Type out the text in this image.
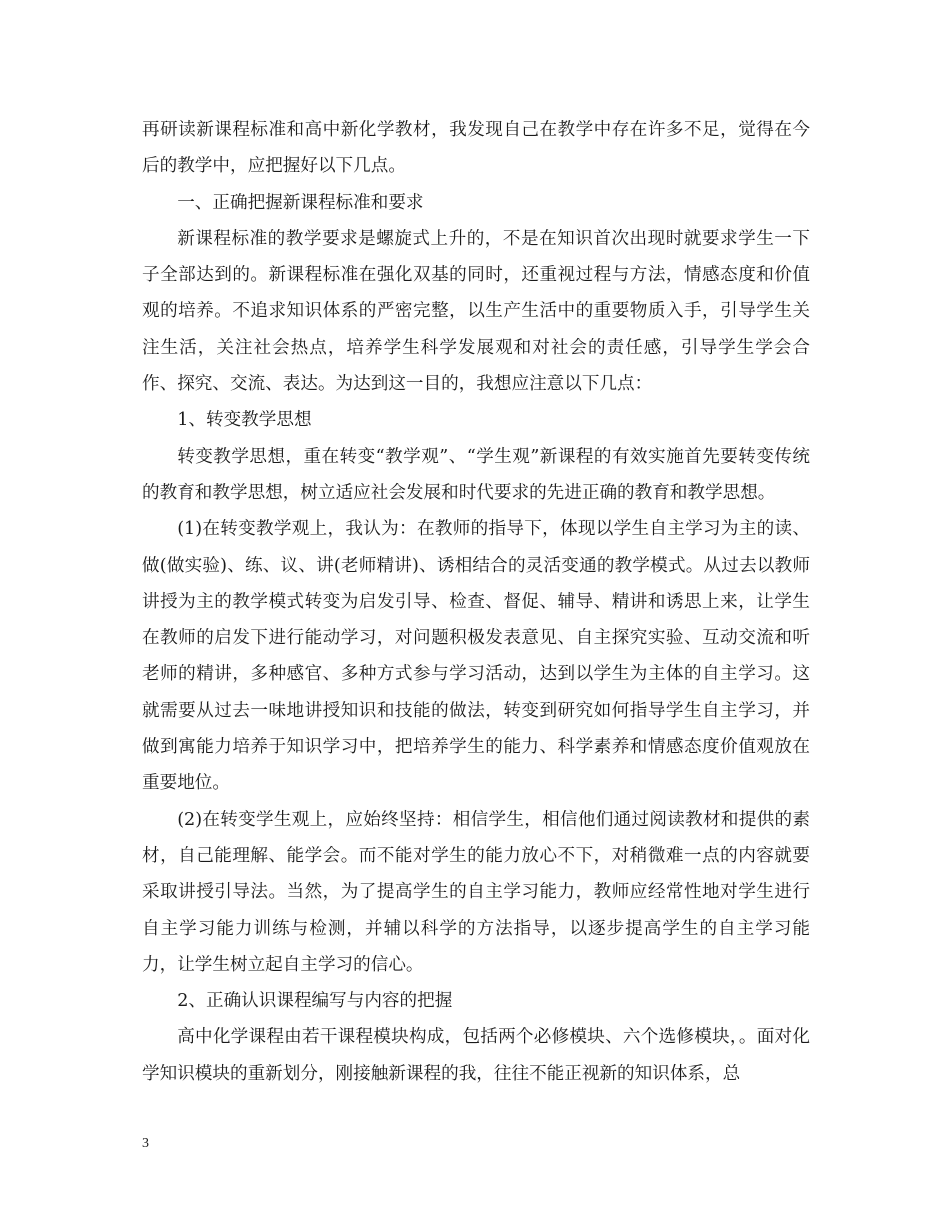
再研读新课程标准和高中新化学教材，我发现自己在教学中存在许多不足，觉得在今后的教学中，应把握好以下几点。

一、正确把握新课程标准和要求

新课程标准的教学要求是螺旋式上升的，不是在知识首次出现时就要求学生一下子全部达到的。新课程标准在强化双基的同时，还重视过程与方法，情感态度和价值观的培养。不追求知识体系的严密完整，以生产生活中的重要物质入手，引导学生关注生活，关注社会热点，培养学生科学发展观和对社会的责任感，引导学生学会合作、探究、交流、表达。为达到这一目的，我想应注意以下几点：

1、转变教学思想

转变教学思想，重在转变“教学观”、“学生观”新课程的有效实施首先要转变传统的教育和教学思想，树立适应社会发展和时代要求的先进正确的教育和教学思想。

(1)在转变教学观上，我认为：在教师的指导下，体现以学生自主学习为主的读、做(做实验)、练、议、讲(老师精讲)、诱相结合的灵活变通的教学模式。从过去以教师讲授为主的教学模式转变为启发引导、检查、督促、辅导、精讲和诱思上来，让学生在教师的启发下进行能动学习，对问题积极发表意见、自主探究实验、互动交流和听老师的精讲，多种感官、多种方式参与学习活动，达到以学生为主体的自主学习。这就需要从过去一味地讲授知识和技能的做法，转变到研究如何指导学生自主学习，并做到寓能力培养于知识学习中，把培养学生的能力、科学素养和情感态度价值观放在重要地位。

(2)在转变学生观上，应始终坚持：相信学生，相信他们通过阅读教材和提供的素材，自己能理解、能学会。而不能对学生的能力放心不下，对稍微难一点的内容就要采取讲授引导法。当然，为了提高学生的自主学习能力，教师应经常性地对学生进行自主学习能力训练与检测，并辅以科学的方法指导，以逐步提高学生的自主学习能力，让学生树立起自主学习的信心。

2、正确认识课程编写与内容的把握

高中化学课程由若干课程模块构成，包括两个必修模块、六个选修模块，。面对化学知识模块的重新划分，刚接触新课程的我，往往不能正视新的知识体系，总

3
